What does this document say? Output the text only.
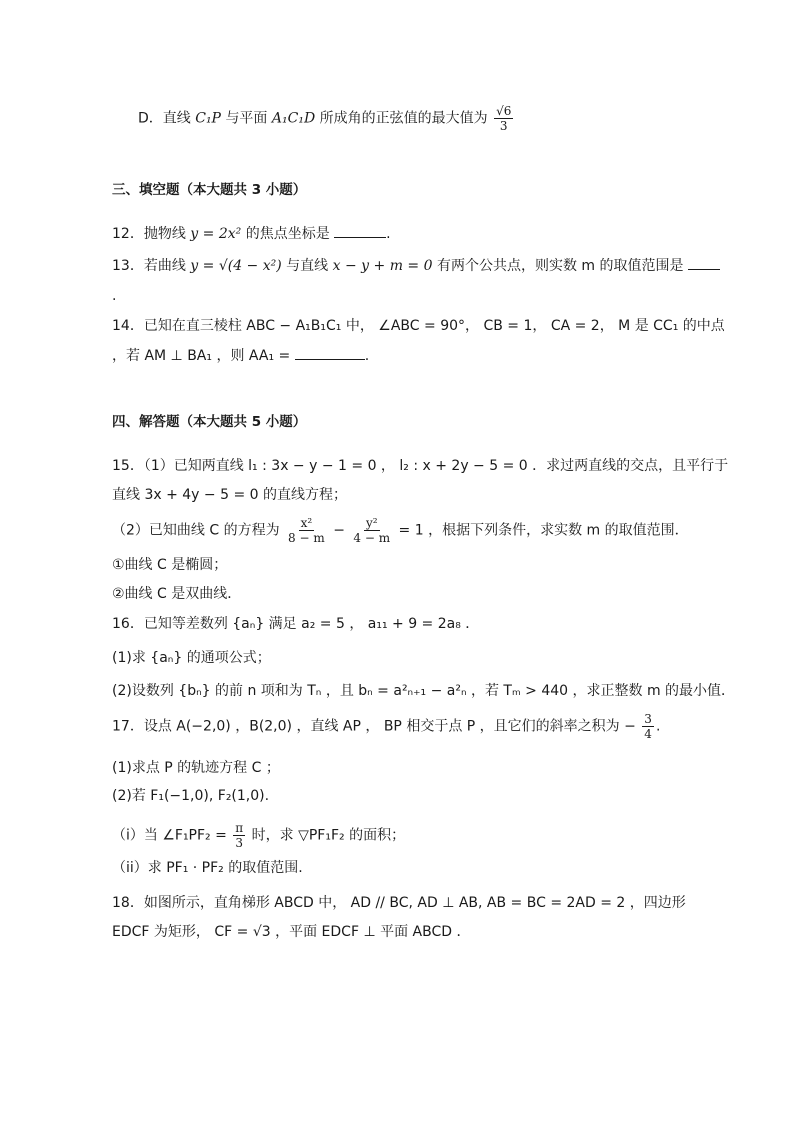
D．直线 C₁P 与平面 A₁C₁D 所成角的正弦值的最大值为 $\frac{√6}{3}$
三、填空题（本大题共 3 小题）
12．抛物线 y = 2x² 的焦点坐标是	.
13．若曲线 y = √(4 − x²) 与直线 x − y + m = 0 有两个公共点，则实数 m 的取值范围是
.
14．已知在直三棱柱 ABC − A₁B₁C₁ 中， ∠ABC = 90°， CB = 1， CA = 2， M 是 CC₁ 的中点
，若 AM ⊥ BA₁ ，则 AA₁ =	.
四、解答题（本大题共 5 小题）
15．（1）已知两直线 l₁ : 3x − y − 1 = 0 ， l₂ : x + 2y − 5 = 0 ．求过两直线的交点，且平行于
直线 3x + 4y − 5 = 0 的直线方程；
（2）已知曲线 C 的方程为 $\frac{\text{x²}}{8 - m} - \frac{\text{y²}}{4 - m} = 1$ ，根据下列条件，求实数 m 的取值范围．
①曲线 C 是椭圆；
②曲线 C 是双曲线．
16．已知等差数列 {aₙ} 满足 a₂ = 5 ， a₁₁ + 9 = 2a₈ ．
(1)求 {aₙ} 的通项公式；
(2)设数列 {bₙ} 的前 n 项和为 Tₙ ，且 bₙ = a²ₙ₊₁ − a²ₙ ，若 Tₘ > 440 ，求正整数 m 的最小值．
17．设点 A(−2,0) ，B(2,0) ，直线 AP ， BP 相交于点 P ，且它们的斜率之积为 − $\frac{3}{4}$ .
(1)求点 P 的轨迹方程 C ；
(2)若 F₁(−1,0), F₂(1,0).
（i）当 ∠F₁PF₂ = $\frac{\pi}{3}$ 时，求 ▽PF₁F₂ 的面积；
（ii）求 PF₁ · PF₂ 的取值范围.
18．如图所示，直角梯形 ABCD 中， AD // BC, AD ⊥ AB, AB = BC = 2AD = 2 ，四边形
EDCF 为矩形， CF = √3 ，平面 EDCF ⊥ 平面 ABCD ．
